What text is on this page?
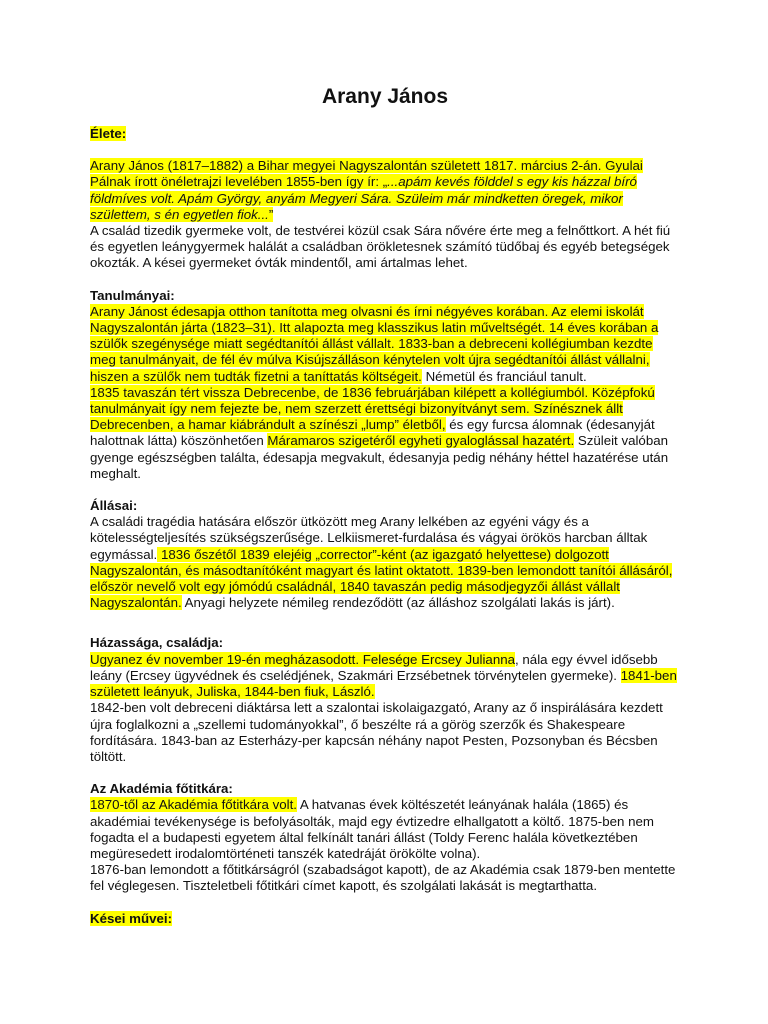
Arany János
Élete:

Arany János (1817–1882) a Bihar megyei Nagyszalontán született 1817. március 2-án. Gyulai Pálnak írott önéletrajzi levelében 1855-ben így ír: „...apám kevés földdel s egy kis házzal bíró földmíves volt. Apám György, anyám Megyeri Sára. Szüleim már mindketten öregek, mikor születtem, s én egyetlen fiok...”

A család tizedik gyermeke volt, de testvérei közül csak Sára nővére érte meg a felnőttkort. A hét fiú és egyetlen leánygyermek halálát a családban örökletesnek számító tüdőbaj és egyéb betegségek okozták. A kései gyermeket óvták mindentől, ami ártalmas lehet.

Tanulmányai:

Arany Jánost édesapja otthon tanította meg olvasni és írni négyéves korában. Az elemi iskolát Nagyszalontán járta (1823–31). Itt alapozta meg klasszikus latin műveltségét. 14 éves korában a szülők szegénysége miatt segédtanítói állást vállalt. 1833-ban a debreceni kollégiumban kezdte meg tanulmányait, de fél év múlva Kisújszálláson kénytelen volt újra segédtanítói állást vállalni, hiszen a szülők nem tudták fizetni a taníttatás költségeit. Németül és franciául tanult.
1835 tavaszán tért vissza Debrecenbe, de 1836 februárjában kilépett a kollégiumból. Középfokú tanulmányait így nem fejezte be, nem szerzett érettségi bizonyítványt sem. Színésznek állt Debrecenben, a hamar kiábrándult a színészi „lump” életből, és egy furcsa álomnak (édesanyját halottnak látta) köszönhetően Máramaros szigetéről egyheti gyaloglással hazatért. Szüleit valóban gyenge egészségben találta, édesapja megvakult, édesanyja pedig néhány héttel hazatérése után meghalt.

Állásai:

A családi tragédia hatására először ütközött meg Arany lelkében az egyéni vágy és a kötelességteljesítés szükségszerűsége. Lelkiismeret-furdalása és vágyai örökös harcban álltak egymással. 1836 őszétől 1839 elejéig „corrector”-ként (az igazgató helyettese) dolgozott Nagyszalontán, és másodtanítóként magyart és latint oktatott. 1839-ben lemondott tanítói állásáról, először nevelő volt egy jómódú családnál, 1840 tavaszán pedig másodjegyzői állást vállalt Nagyszalontán. Anyagi helyzete némileg rendeződött (az álláshoz szolgálati lakás is járt).

Házassága, családja:

Ugyanez év november 19-én megházasodott. Felesége Ercsey Julianna, nála egy évvel idősebb leány (Ercsey ügyvédnek és cselédjének, Szakmári Erzsébetnek törvénytelen gyermeke). 1841-ben született leányuk, Juliska, 1844-ben fiuk, László.

1842-ben volt debreceni diáktársa lett a szalontai iskolaigazgató, Arany az ő inspirálására kezdett újra foglalkozni a „szellemi tudományokkal”, ő beszélte rá a görög szerzők és Shakespeare fordítására. 1843-ban az Esterházy-per kapcsán néhány napot Pesten, Pozsonyban és Bécsben töltött.

Az Akadémia főtitkára:

1870-től az Akadémia főtitkára volt. A hatvanas évek költészetét leányának halála (1865) és akadémiai tevékenysége is befolyásolták, majd egy évtizedre elhallgatott a költő. 1875-ben nem fogadta el a budapesti egyetem által felkínált tanári állást (Toldy Ferenc halála következtében megüresedett irodalomtörténeti tanszék katedráját örökölte volna).

1876-ban lemondott a főtitkárságról (szabadságot kapott), de az Akadémia csak 1879-ben mentette fel véglegesen. Tiszteletbeli főtitkári címet kapott, és szolgálati lakását is megtarthatta.

Kései művei:
